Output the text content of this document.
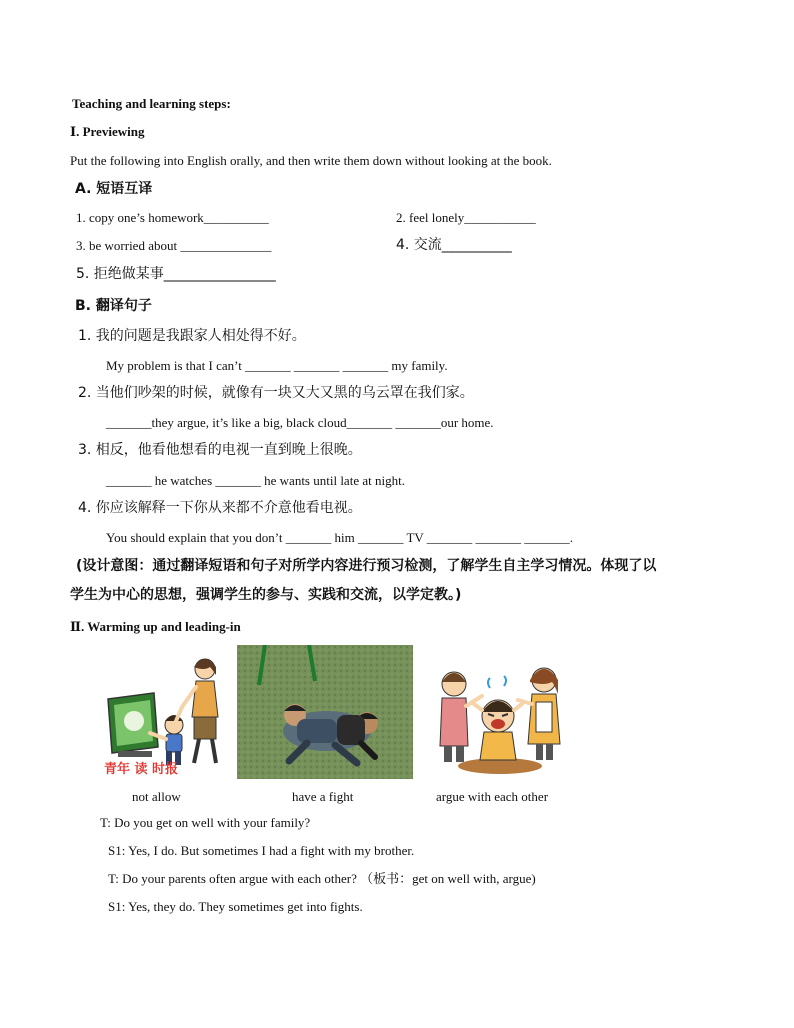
Teaching and learning steps:
Ⅰ. Previewing
Put the following into English orally, and then write them down without looking at the book.
A. 短语互译
1. copy one’s homework__________	2. feel lonely___________
3. be worried about ______________	4. 交流__________
5. 拒绝做某事________________
B. 翻译句子
1. 我的问题是我跟家人相处得不好。
My problem is that I can’t _______ _______ _______ my family.
2. 当他们吵架的时候，就像有一块又大又黑的乌云罩在我们家。
_______they argue, it’s like a big, black cloud_______ _______our home.
3. 相反，他看他想看的电视一直到晚上很晚。
_______ he watches _______ he wants until late at night.
4. 你应该解释一下你从来都不介意他看电视。
You should explain that you don’t _______ him _______ TV _______ _______ _______.
(设计意图：通过翻译短语和句子对所学内容进行预习检测，了解学生自主学习情况。体现了以
学生为中心的思想，强调学生的参与、实践和交流，以学定教。)
Ⅱ. Warming up and leading-in
青年 读 时报
not allow	have a fight	argue with each other
T: Do you get on well with your family?
S1: Yes, I do. But sometimes I had a fight with my brother.
T: Do your parents often argue with each other? （板书：get on well with, argue)
S1: Yes, they do. They sometimes get into fights.
